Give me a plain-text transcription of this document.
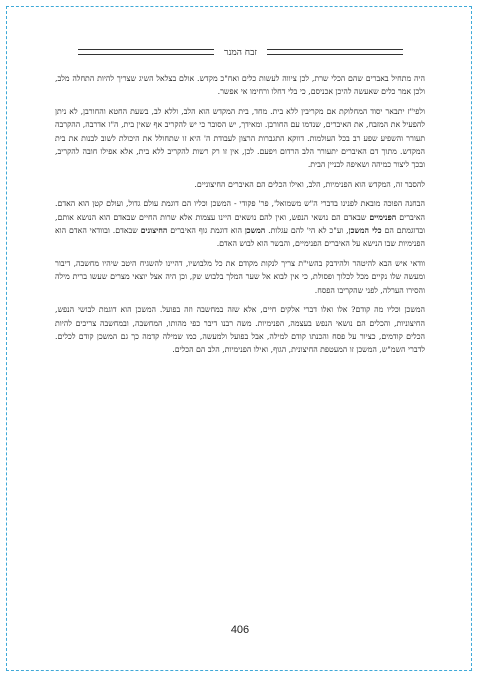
זבח המנר

היה מתחיל באברים שהם הכלי שרת, לכן ציווה לעשות כלים ואח"כ מקדש. אולם בצלאל השיג שצריך להיות התחלה מלב, ולכן אמר כלים שאעשה להיכן אכניסם, כי בלי דחלו ורחימו אי אפשר.

ולפי"ז יתבאר יסוד המחלוקת אם מקריבין ללא בית. מחד, בית המקדש הוא הלב, וללא לב, בשעת החטא והחורבן, לא ניתן להפעיל את המזבח, את האיברים, שנדמו עם החורבן. ומאידך, יש הסובר כי יש להקריב אף שאין בית, ה"ז אדרבה, ההקרבה תעורר והשפיע שפע רב בכל העולמות. דווקא התגברות הרצון לעבודת ה' היא זו שתחולל את היכולת לשוב לבנות את בית המקדש. מתוך דם האיברים יתעורר הלב הרדום ויפעם. לכן, אין זו רק רשות להקריב ללא בית, אלא אפילו חובה להקריב, ובכך ליצור כמיהה ושאיפה לבניין הבית.

להסבר זה, המקדש הוא הפנימיות, הלב, ואילו הכלים הם האיברים החיצוניים.

הבחנה הפוכה מובאת לפנינו בדברי ה"ש משמואל', פר' פקודי - המשכן וכליו הם דוגמת עולם גדול, ועולם קטן הוא האדם. האיברים הפנימיים שבאדם הם נושאי הנפש, ואין להם נושאים היינו עצמות אלא שרות החיים שבאדם הוא הנושא אותם, ובדוגמתם הם כלי המשכן, וע"כ לא הי' להם עגלות. המשכן הוא דוגמת גוף האיברים החיצונים שבאדם. ובוודאי האדם הוא הפנימיות שבו הנישא על האיברים הפנימיים, והבשר הוא לבוש האדם.

וודאי איש הבא להיטהר ולהידבק בהשי"ת צריך לנקות מקודם את כל מלבושיו, דהיינו להשגיח היטב שיהיו מחשבה, דיבור ומעשה שלו נקיים מכל לכלוך ופסולת, כי אין לבוא אל שער המלך בלבוש שק, וכן היה אצל יוצאי מצרים שעשו ברית מילה והסירו הערלה, לפני שהקריבו הפסח.

המשכן וכליו מה קודם? אלו ואלו דברי אלקים חיים, אלא שזה במחשבה וזה בפועל. המשכן הוא דוגמת לבושי הנפש, החיצוניות, והכלים הם נושאי הנפש בעצמה, הפנימיות. משה רבנו דיבר כפי מהותו, המחשבה, ובמחשבה צריכים להיות הכלים קודמים, כציור על פסח והכנתו קודם למילה, אבל בפועל ולמעשה, כמו שמילה קדמה כך גם המשכן קודם לכלים. לדברי השמ"ש, המשכן זו המעטפת החיצונית, הגוף, ואילו הפנימיות, הלב הם הכלים.

406
